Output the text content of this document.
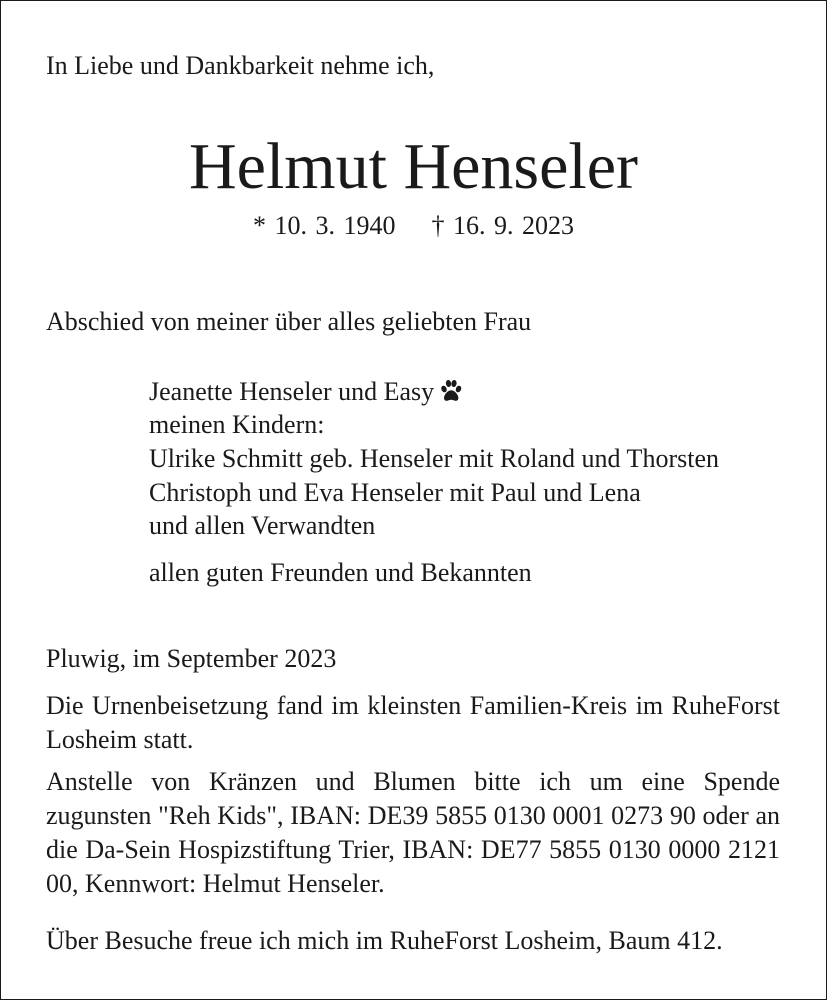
In Liebe und Dankbarkeit nehme ich,
Helmut Henseler
* 10. 3. 1940 † 16. 9. 2023
Abschied von meiner über alles geliebten Frau
Jeanette Henseler und Easy
meinen Kindern:
Ulrike Schmitt geb. Henseler mit Roland und Thorsten
Christoph und Eva Henseler mit Paul und Lena
und allen Verwandten
allen guten Freunden und Bekannten
Pluwig, im September 2023
Die Urnenbeisetzung fand im kleinsten Familien-Kreis im RuheForst Losheim statt.
Anstelle von Kränzen und Blumen bitte ich um eine Spende zugunsten "Reh Kids", IBAN: DE39 5855 0130 0001 0273 90 oder an die Da-Sein Hospizstiftung Trier, IBAN: DE77 5855 0130 0000 2121 00, Kennwort: Helmut Henseler.
Über Besuche freue ich mich im RuheForst Losheim, Baum 412.
